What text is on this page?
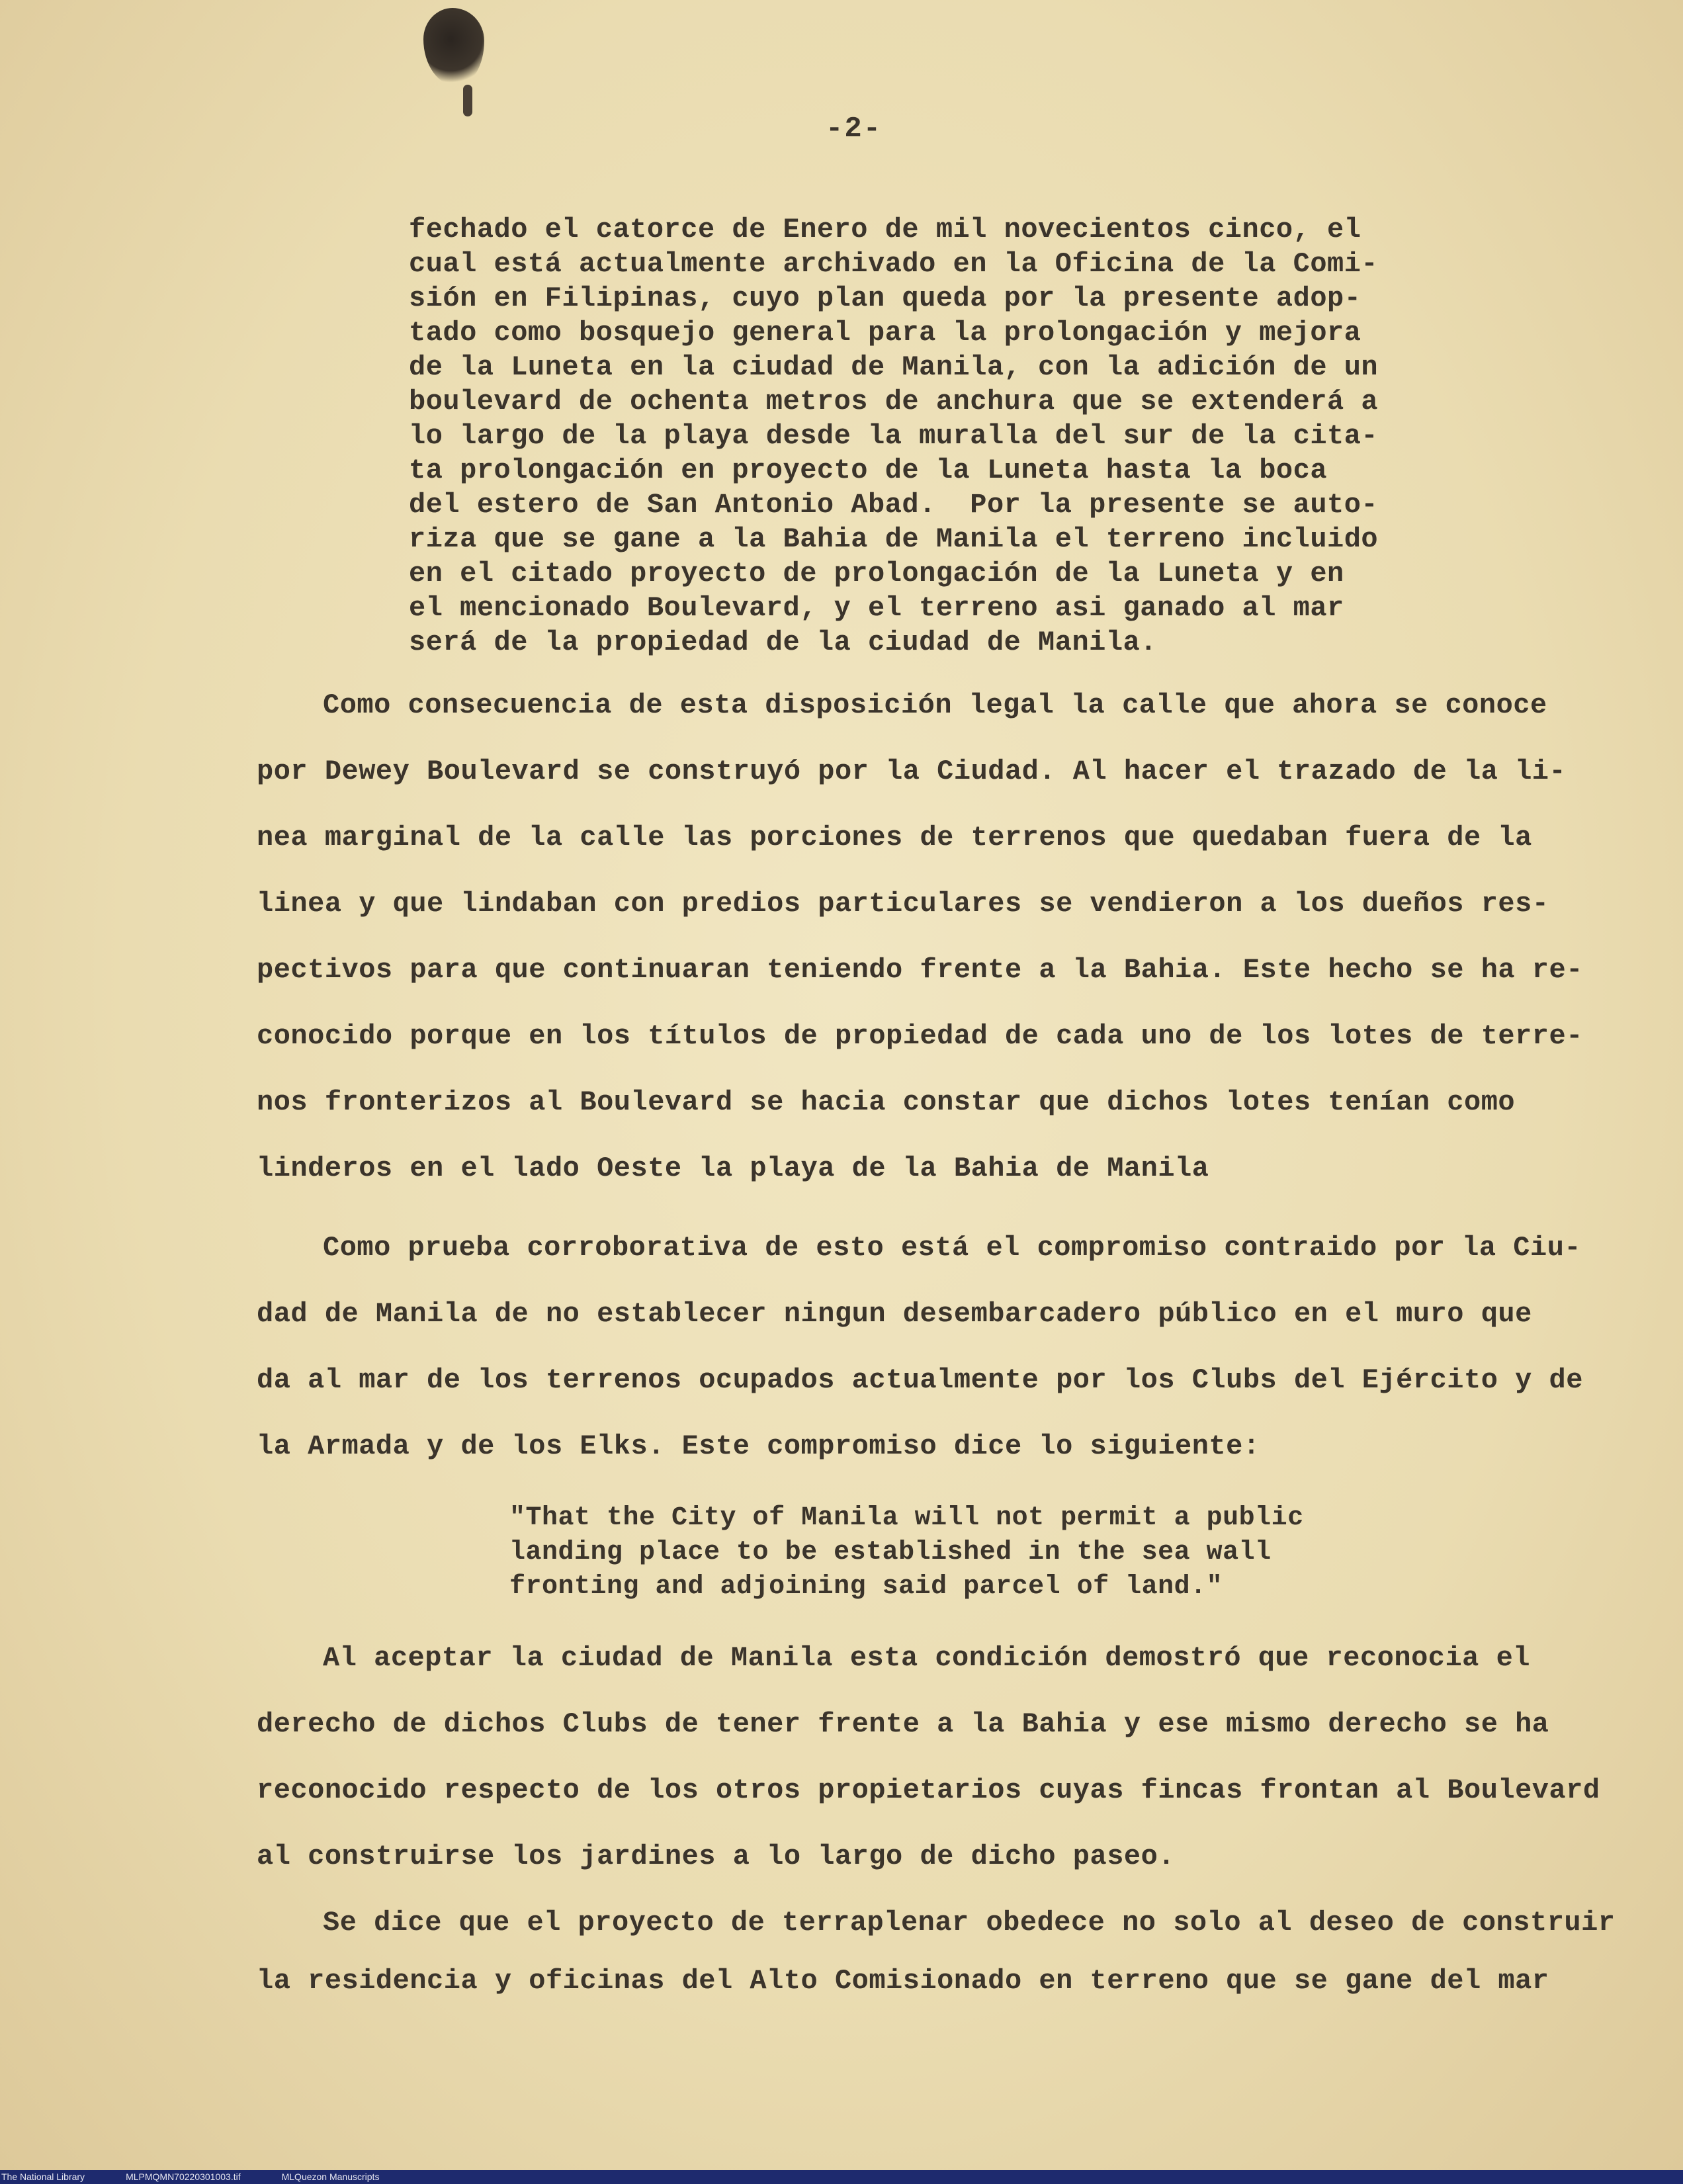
-2-
fechado el catorce de Enero de mil novecientos cinco, el
cual está actualmente archivado en la Oficina de la Comi-
sión en Filipinas, cuyo plan queda por la presente adop-
tado como bosquejo general para la prolongación y mejora
de la Luneta en la ciudad de Manila, con la adición de un
boulevard de ochenta metros de anchura que se extenderá a
lo largo de la playa desde la muralla del sur de la cita-
ta prolongación en proyecto de la Luneta hasta la boca
del estero de San Antonio Abad.  Por la presente se auto-
riza que se gane a la Bahia de Manila el terreno incluido
en el citado proyecto de prolongación de la Luneta y en
el mencionado Boulevard, y el terreno asi ganado al mar
será de la propiedad de la ciudad de Manila.
Como consecuencia de esta disposición legal la calle que ahora se conoce
por Dewey Boulevard se construyó por la Ciudad. Al hacer el trazado de la li-
nea marginal de la calle las porciones de terrenos que quedaban fuera de la
linea y que lindaban con predios particulares se vendieron a los dueños res-
pectivos para que continuaran teniendo frente a la Bahia. Este hecho se ha re-
conocido porque en los títulos de propiedad de cada uno de los lotes de terre-
nos fronterizos al Boulevard se hacia constar que dichos lotes tenían como
linderos en el lado Oeste la playa de la Bahia de Manila
Como prueba corroborativa de esto está el compromiso contraido por la Ciu-
dad de Manila de no establecer ningun desembarcadero público en el muro que
da al mar de los terrenos ocupados actualmente por los Clubs del Ejército y de
la Armada y de los Elks. Este compromiso dice lo siguiente:
"That the City of Manila will not permit a public
landing place to be established in the sea wall
fronting and adjoining said parcel of land."
Al aceptar la ciudad de Manila esta condición demostró que reconocia el
derecho de dichos Clubs de tener frente a la Bahia y ese mismo derecho se ha
reconocido respecto de los otros propietarios cuyas fincas frontan al Boulevard
al construirse los jardines a lo largo de dicho paseo.
Se dice que el proyecto de terraplenar obedece no solo al deseo de construir
la residencia y oficinas del Alto Comisionado en terreno que se gane del mar
The National Library	MLPMQMN70220301003.tif	MLQuezon Manuscripts
